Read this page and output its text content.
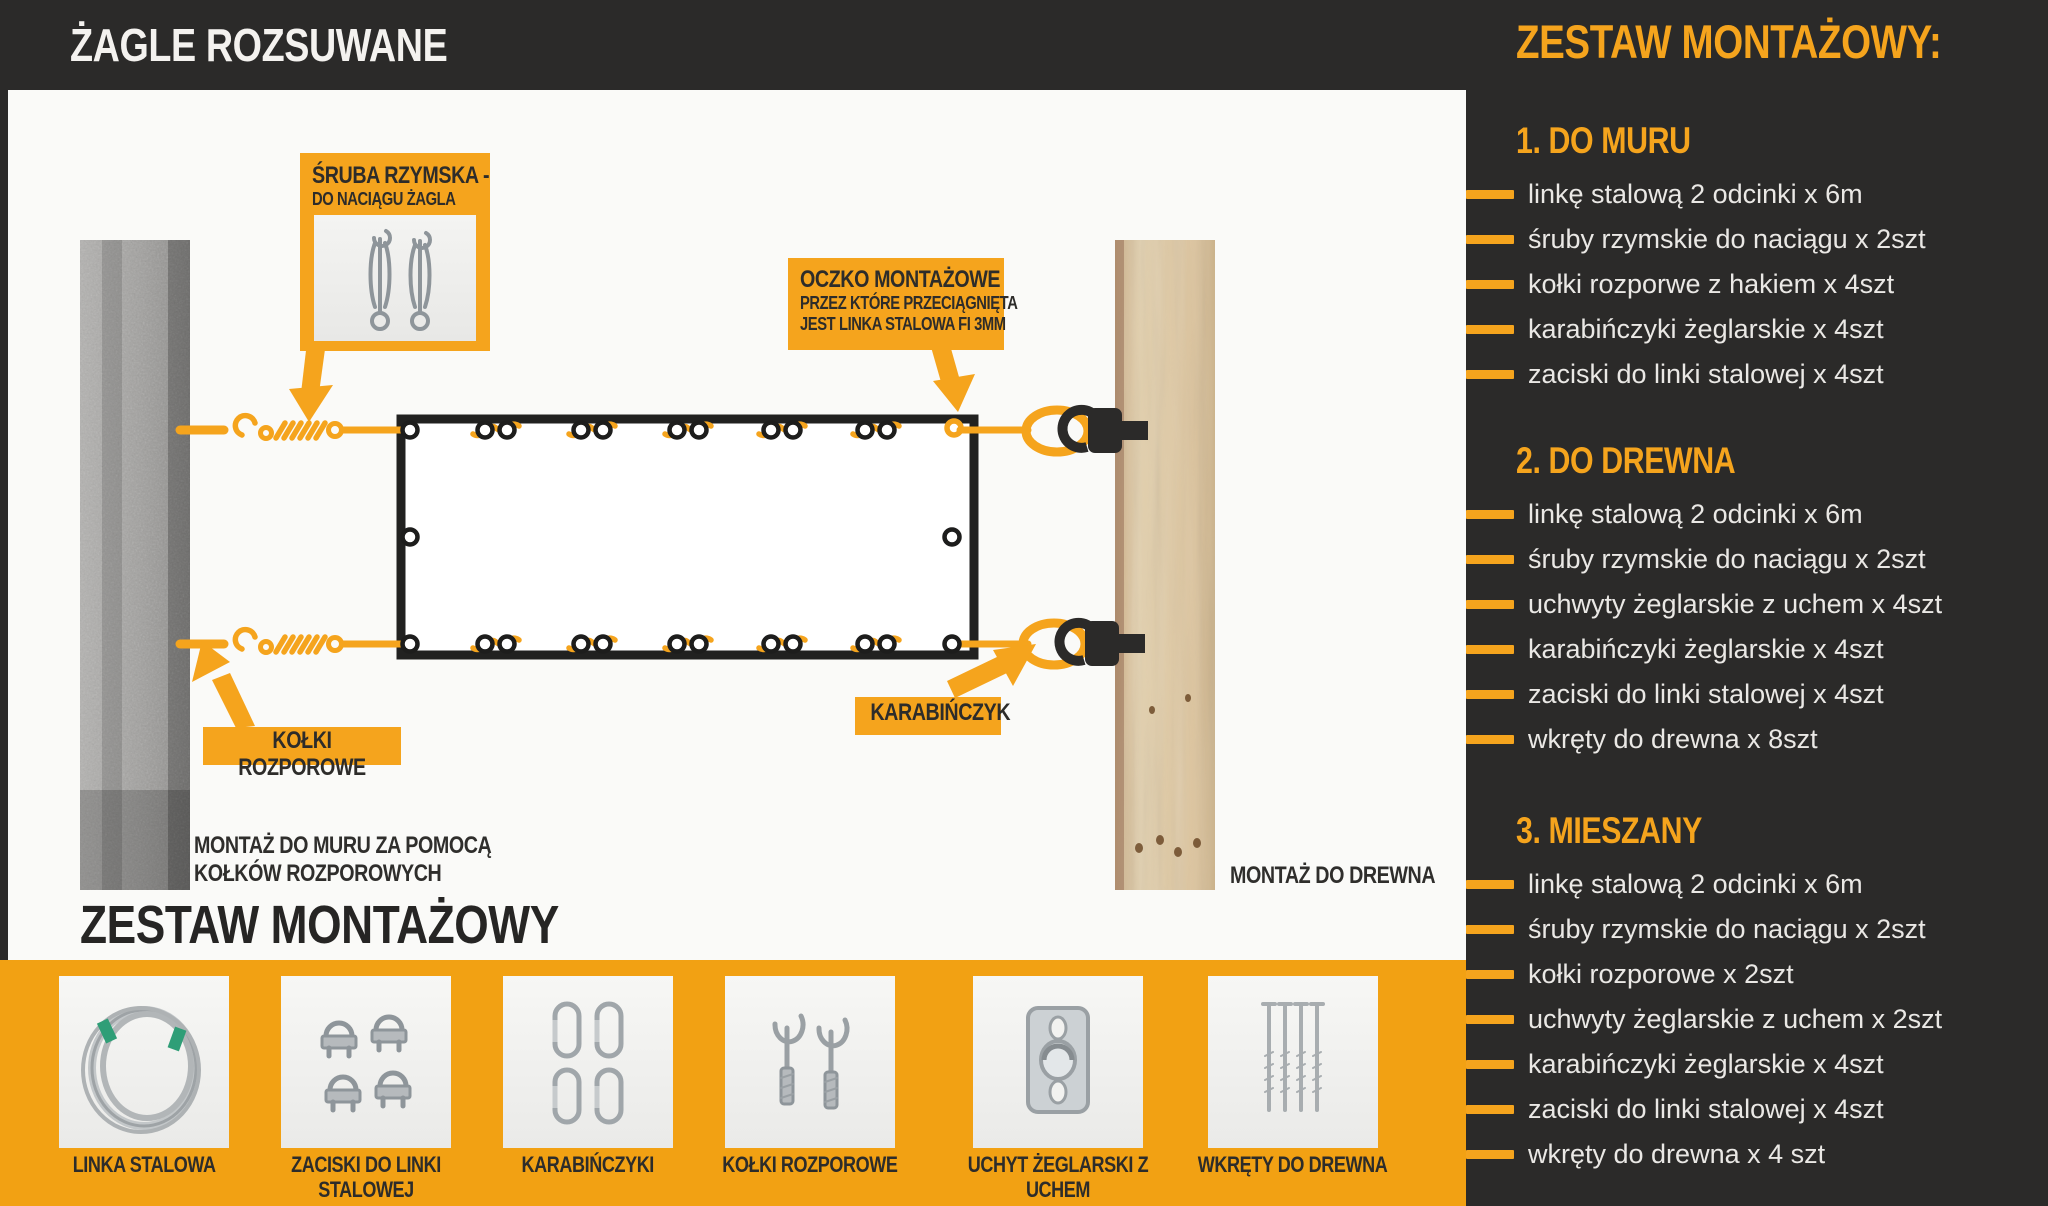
ŻAGLE ROZSUWANE
ŚRUBA RZYMSKA -
DO NACIĄGU ŻAGLA
OCZKO MONTAŻOWE
PRZEZ KTÓRE PRZECIĄGNIĘTA
JEST LINKA STALOWA FI 3MM
KOŁKI ROZPOROWE
KARABIŃCZYK
MONTAŻ DO MURU ZA POMOCĄ
KOŁKÓW ROZPOROWYCH	MONTAŻ DO DREWNA
ZESTAW MONTAŻOWY
LINKA STALOWA	ZACISKI DO LINKI STALOWEJ
KARABIŃCZYKI	KOŁKI ROZPOROWE	UCHYT ŻEGLARSKI Z UCHEM
WKRĘTY DO DREWNA
ZESTAW MONTAŻOWY:
1. DO MURU
linkę stalową 2 odcinki x 6m
śruby rzymskie do naciągu x 2szt
kołki rozporwe z hakiem x 4szt
karabińczyki żeglarskie x 4szt
zaciski do linki stalowej x 4szt
2. DO DREWNA
linkę stalową 2 odcinki x 6m
śruby rzymskie do naciągu x 2szt
uchwyty żeglarskie z uchem x 4szt
karabińczyki żeglarskie x 4szt
zaciski do linki stalowej x 4szt
wkręty do drewna x 8szt
3. MIESZANY
linkę stalową 2 odcinki x 6m
śruby rzymskie do naciągu x 2szt
kołki rozporowe x 2szt
uchwyty żeglarskie z uchem x 2szt
karabińczyki żeglarskie x 4szt
zaciski do linki stalowej x 4szt
wkręty do drewna x 4 szt
